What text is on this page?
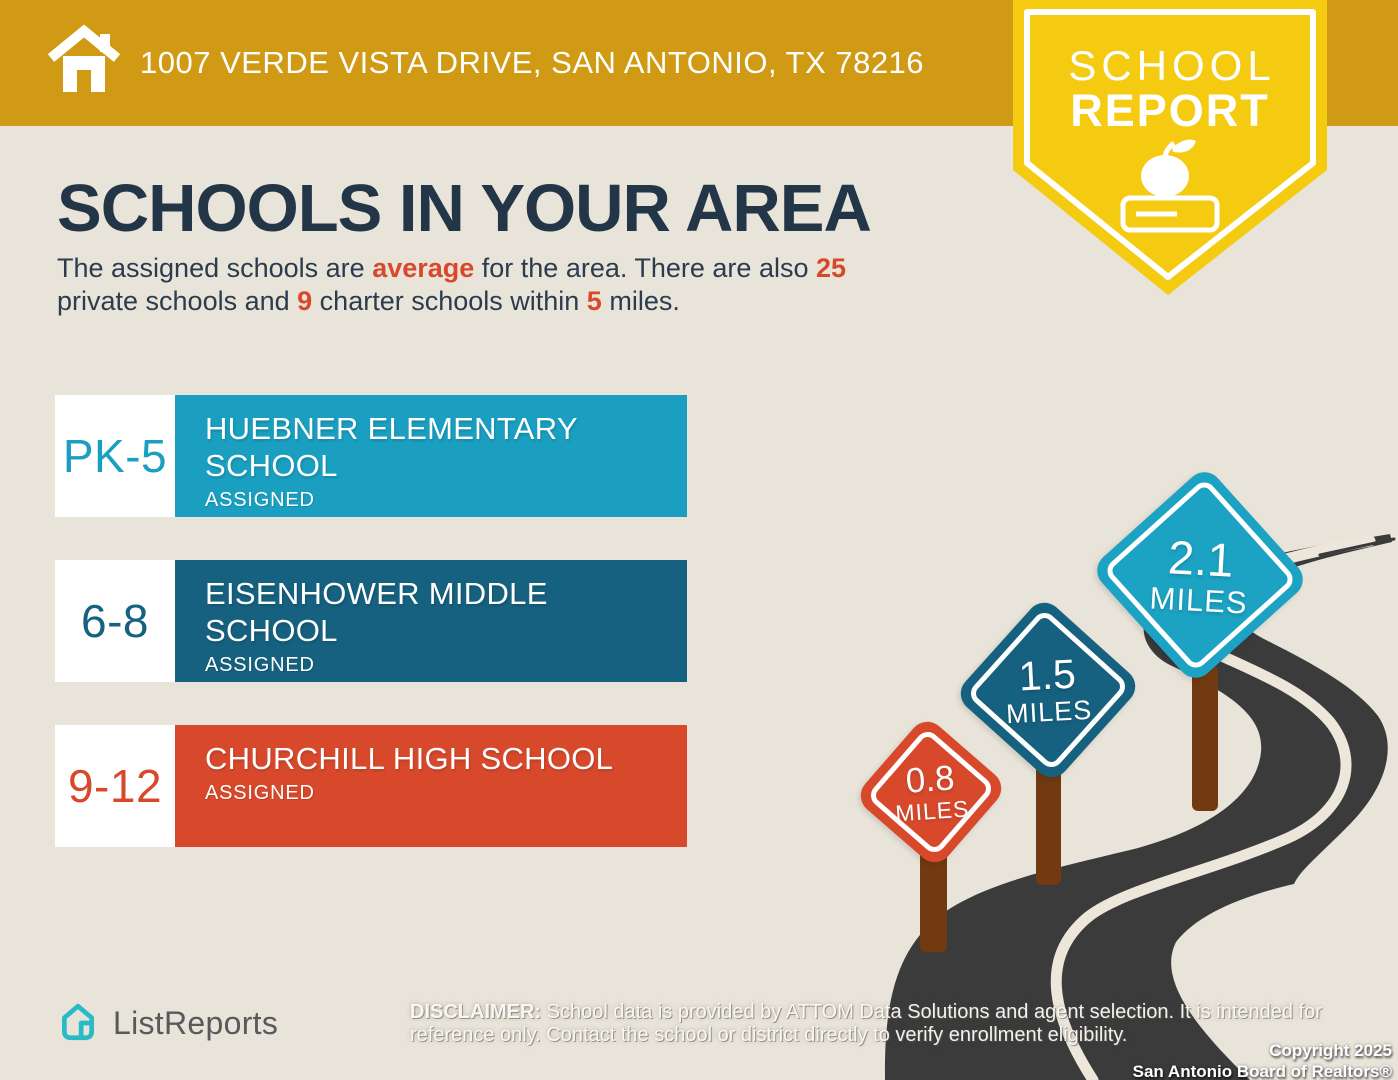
1007 VERDE VISTA DRIVE, SAN ANTONIO, TX 78216	SCHOOL
REPORT
SCHOOLS IN YOUR AREA

The assigned schools are average for the area. There are also 25 private schools and 9 charter schools within 5 miles.

PK-5
HUEBNER ELEMENTARY SCHOOL
ASSIGNED
6-8
EISENHOWER MIDDLE SCHOOL
ASSIGNED
9-12
CHURCHILL HIGH SCHOOL
ASSIGNED	0.8
MILES
1.5
MILES
2.1
MILES
ListReports	DISCLAIMER: School data is provided by ATTOM Data Solutions and agent selection. It is intended for reference only. Contact the school or district directly to verify enrollment eligibility.

Copyright 2025
San Antonio Board of Realtors®
